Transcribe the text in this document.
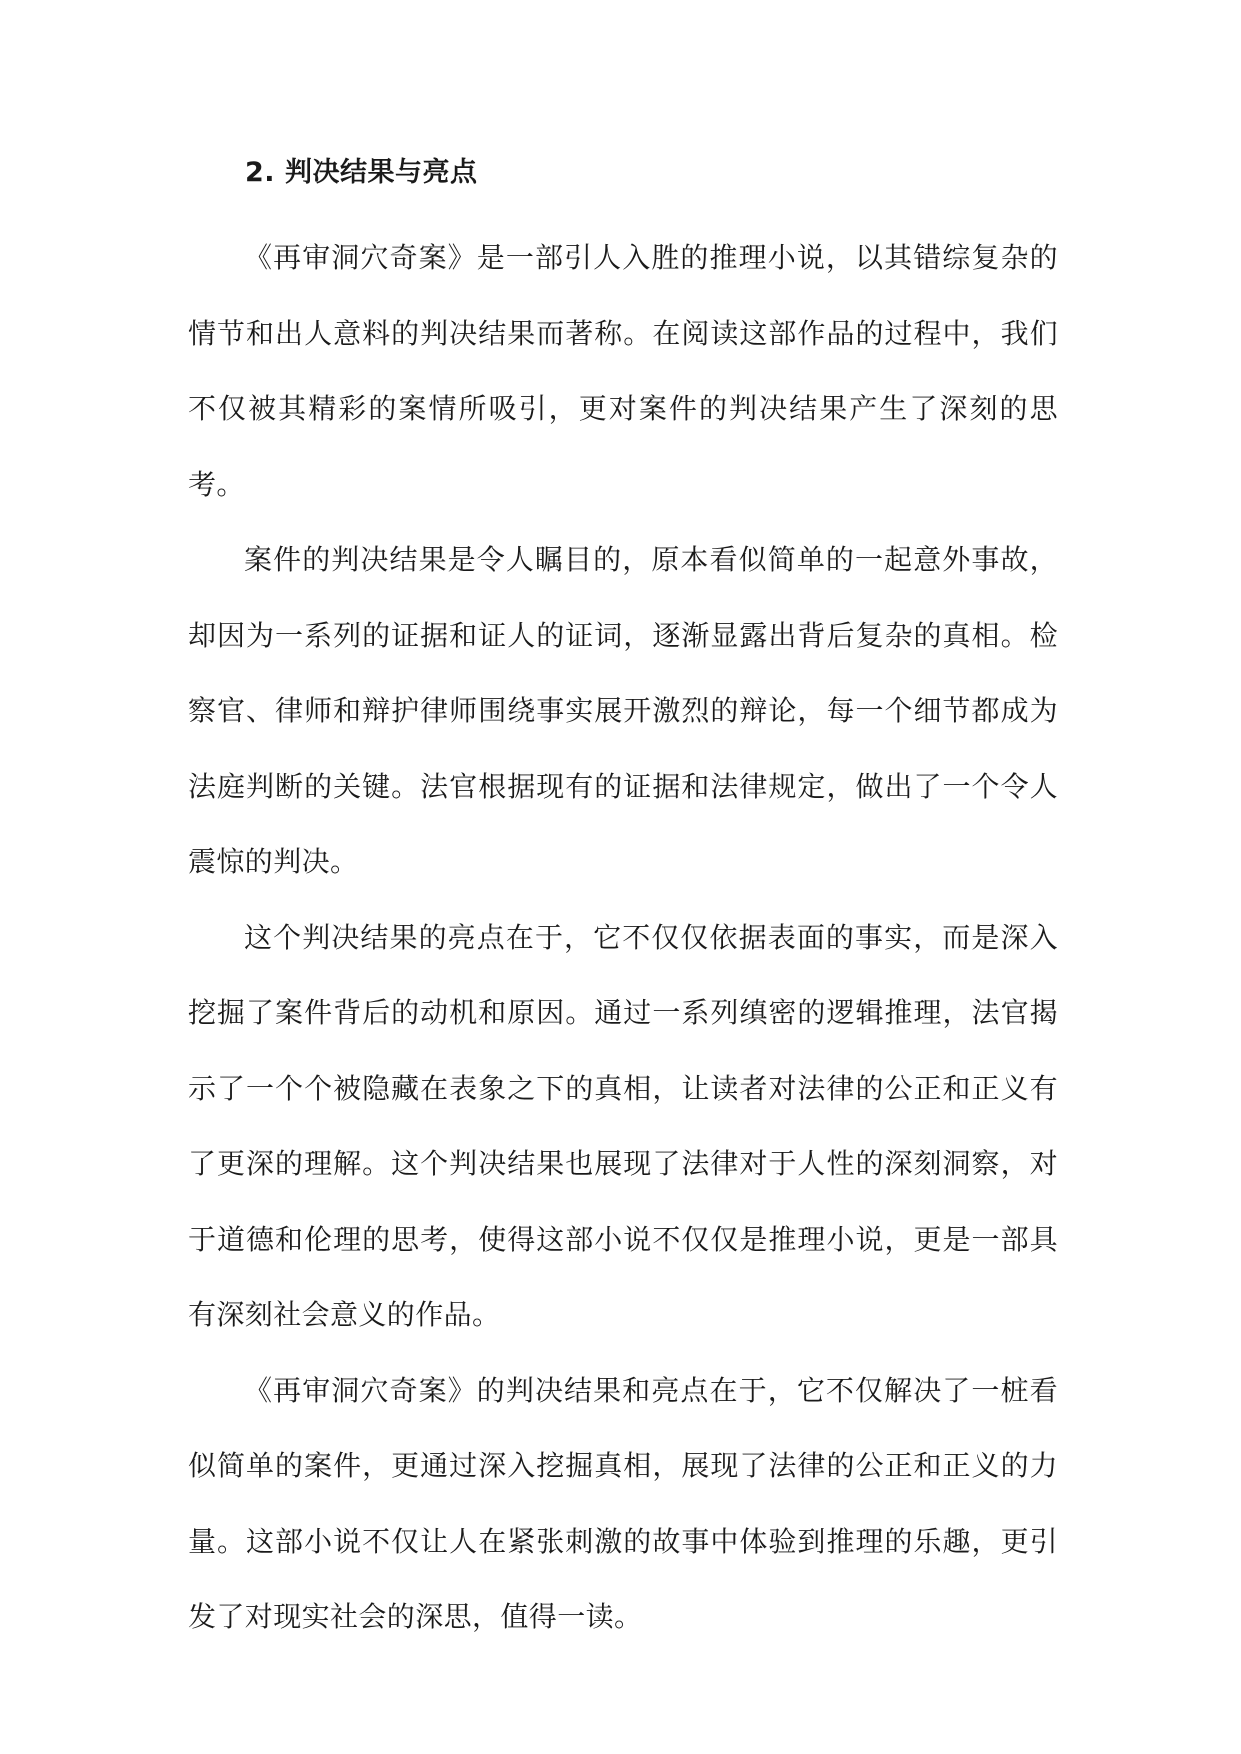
2. 判决结果与亮点

《再审洞穴奇案》是一部引人入胜的推理小说，以其错综复杂的情节和出人意料的判决结果而著称。在阅读这部作品的过程中，我们不仅被其精彩的案情所吸引，更对案件的判决结果产生了深刻的思考。

案件的判决结果是令人瞩目的，原本看似简单的一起意外事故，却因为一系列的证据和证人的证词，逐渐显露出背后复杂的真相。检察官、律师和辩护律师围绕事实展开激烈的辩论，每一个细节都成为法庭判断的关键。法官根据现有的证据和法律规定，做出了一个令人震惊的判决。

这个判决结果的亮点在于，它不仅仅依据表面的事实，而是深入挖掘了案件背后的动机和原因。通过一系列缜密的逻辑推理，法官揭示了一个个被隐藏在表象之下的真相，让读者对法律的公正和正义有了更深的理解。这个判决结果也展现了法律对于人性的深刻洞察，对于道德和伦理的思考，使得这部小说不仅仅是推理小说，更是一部具有深刻社会意义的作品。

《再审洞穴奇案》的判决结果和亮点在于，它不仅解决了一桩看似简单的案件，更通过深入挖掘真相，展现了法律的公正和正义的力量。这部小说不仅让人在紧张刺激的故事中体验到推理的乐趣，更引发了对现实社会的深思，值得一读。
